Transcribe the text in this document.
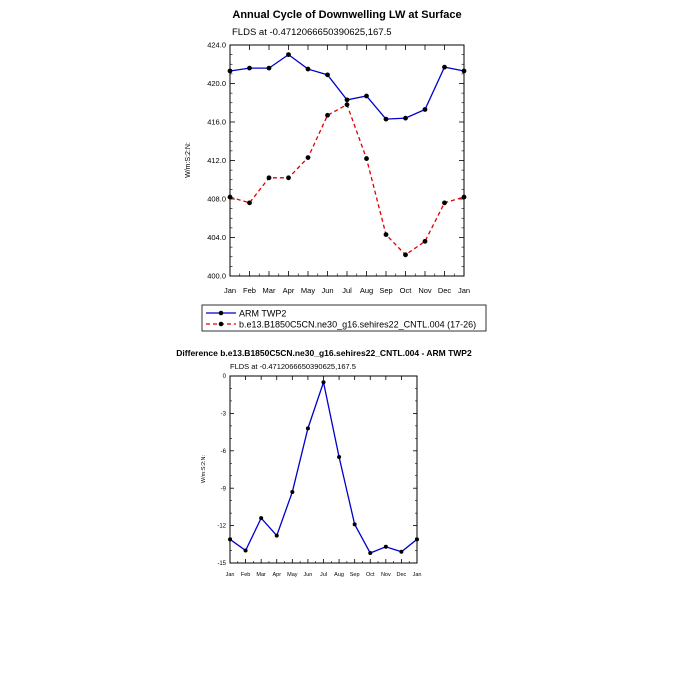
Annual Cycle of Downwelling LW at Surface
FLDS at -0.4712066650390625,167.5
W/m:S:2:N:
Jan Feb Mar Apr May Jun Jul Aug Sep Oct Nov Dec Jan
400.0
404.0
408.0
412.0
416.0
420.0
424.0
ARM TWP2
b.e13.B1850C5CN.ne30_g16.sehires22_CNTL.004 (17-26)
Difference b.e13.B1850C5CN.ne30_g16.sehires22_CNTL.004 - ARM TWP2
FLDS at -0.4712066650390625,167.5
W/m:S:2:N:
Jan Feb Mar Apr May Jun Jul Aug Sep Oct Nov Dec Jan
-15
-12
-9
-6
-3
0
